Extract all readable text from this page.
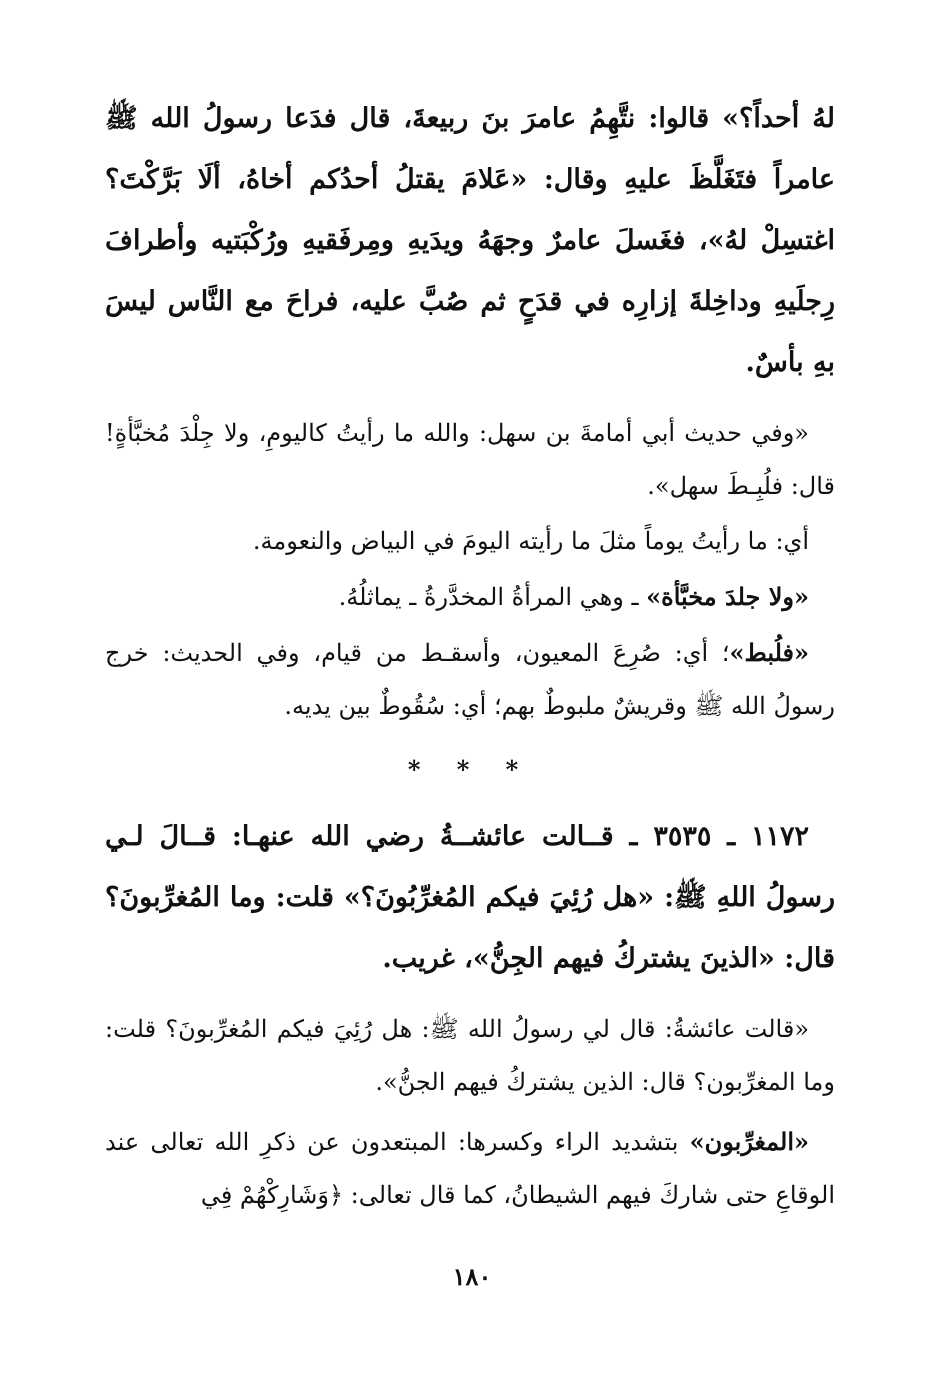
لهُ أحداً؟» قالوا: نتَّهِمُ عامرَ بنَ ربيعةَ، قال فدَعا رسولُ الله ﷺ عامراً فتَغَلَّظَ عليهِ وقال: «عَلامَ يقتلُ أحدُكم أخاهُ، ألَا بَرَّكْتَ؟ اغتسِلْ لهُ»، فغَسلَ عامرٌ وجهَهُ ويدَيهِ ومِرفَقيهِ ورُكْبَتيه وأطرافَ رِجلَيهِ وداخِلةَ إزارِه في قدَحٍ ثم صُبَّ عليه، فراحَ مع النَّاس ليسَ بهِ بأسٌ.

«وفي حديث أبي أمامةَ بن سهل: والله ما رأيتُ كاليومِ، ولا جِلْدَ مُخبَّأةٍ! قال: فلُبِـطَ سهل».

أي: ما رأيتُ يوماً مثلَ ما رأيته اليومَ في البياض والنعومة.

«ولا جلدَ مخبَّأة» ـ وهي المرأةُ المخدَّرةُ ـ يماثلُهُ.

«فلُبط»؛ أي: صُرِعَ المعيون، وأسقـط من قيام، وفي الحديث: خرج رسولُ الله ﷺ وقريشٌ ملبوطٌ بهم؛ أي: سُقُوطٌ بين يديه.

* * *

١١٧٢ ـ ٣٥٣٥ ـ قــالت عائشــةُ رضي الله عنهـا: قــالَ لـي رسولُ اللهِ ﷺ: «هل رُئِيَ فيكم المُغرِّبُونَ؟» قلت: وما المُغرِّبونَ؟ قال: «الذينَ يشتركُ فيهم الجِنُّ»، غريب.

«قالت عائشةُ: قال لي رسولُ الله ﷺ: هل رُئِيَ فيكم المُغرِّبونَ؟ قلت: وما المغرِّبون؟ قال: الذين يشتركُ فيهم الجنُّ».

«المغرِّبون» بتشديد الراء وكسرها: المبتعدون عن ذكرِ الله تعالى عند الوقاعِ حتى شاركَ فيهم الشيطانُ، كما قال تعالى: ﴿وَشَارِكْهُمْ فِي

١٨٠
